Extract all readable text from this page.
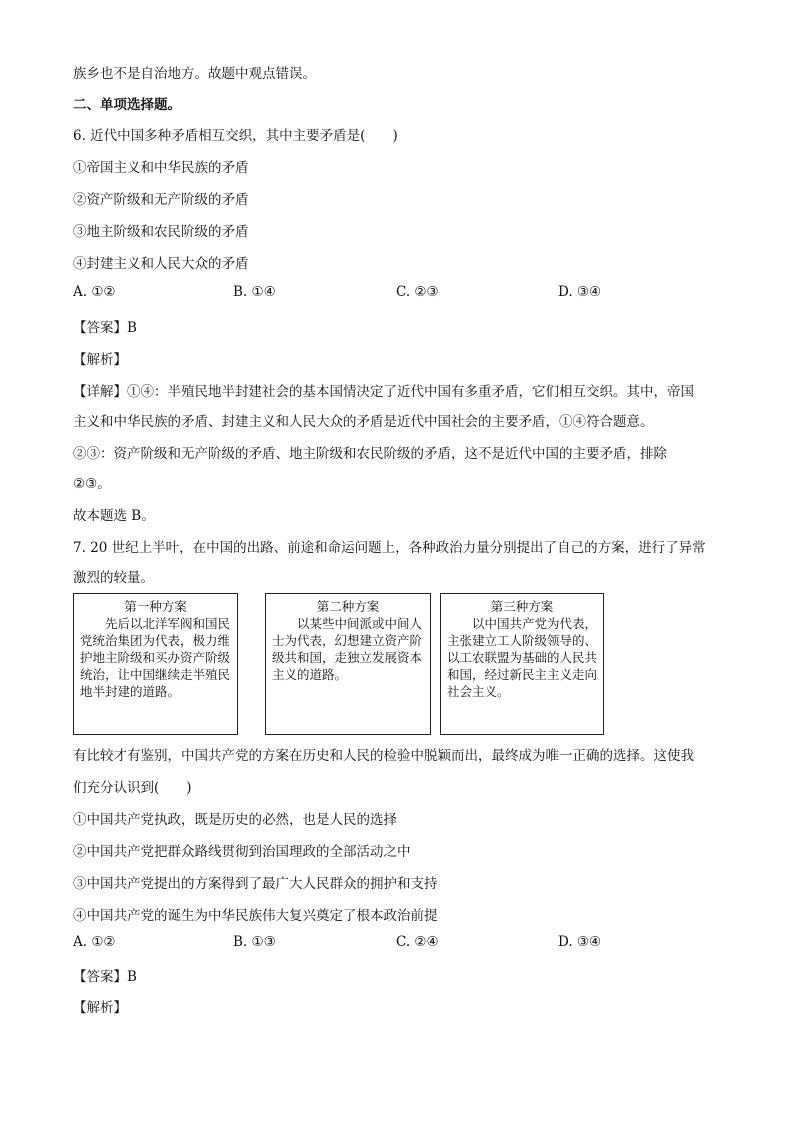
族乡也不是自治地方。故题中观点错误。
二、单项选择题。
6. 近代中国多种矛盾相互交织，其中主要矛盾是(　　)
①帝国主义和中华民族的矛盾
②资产阶级和无产阶级的矛盾
③地主阶级和农民阶级的矛盾
④封建主义和人民大众的矛盾
A. ①②	B. ①④	C. ②③	D. ③④
【答案】B
【解析】
【详解】①④：半殖民地半封建社会的基本国情决定了近代中国有多重矛盾，它们相互交织。其中，帝国
主义和中华民族的矛盾、封建主义和人民大众的矛盾是近代中国社会的主要矛盾，①④符合题意。
②③：资产阶级和无产阶级的矛盾、地主阶级和农民阶级的矛盾，这不是近代中国的主要矛盾，排除
②③。
故本题选 B。
7. 20 世纪上半叶，在中国的出路、前途和命运问题上，各种政治力量分别提出了自己的方案，进行了异常
激烈的较量。
第一种方案
先后以北洋军阀和国民党统治集团为代表，极力维护地主阶级和买办资产阶级统治，让中国继续走半殖民地半封建的道路。
第二种方案
以某些中间派或中间人士为代表，幻想建立资产阶级共和国，走独立发展资本主义的道路。
第三种方案
以中国共产党为代表，主张建立工人阶级领导的、以工农联盟为基础的人民共和国，经过新民主主义走向社会主义。
有比较才有鉴别，中国共产党的方案在历史和人民的检验中脱颖而出，最终成为唯一正确的选择。这使我
们充分认识到(　　)
①中国共产党执政，既是历史的必然，也是人民的选择
②中国共产党把群众路线贯彻到治国理政的全部活动之中
③中国共产党提出的方案得到了最广大人民群众的拥护和支持
④中国共产党的诞生为中华民族伟大复兴奠定了根本政治前提
A. ①②	B. ①③	C. ②④	D. ③④
【答案】B
【解析】
